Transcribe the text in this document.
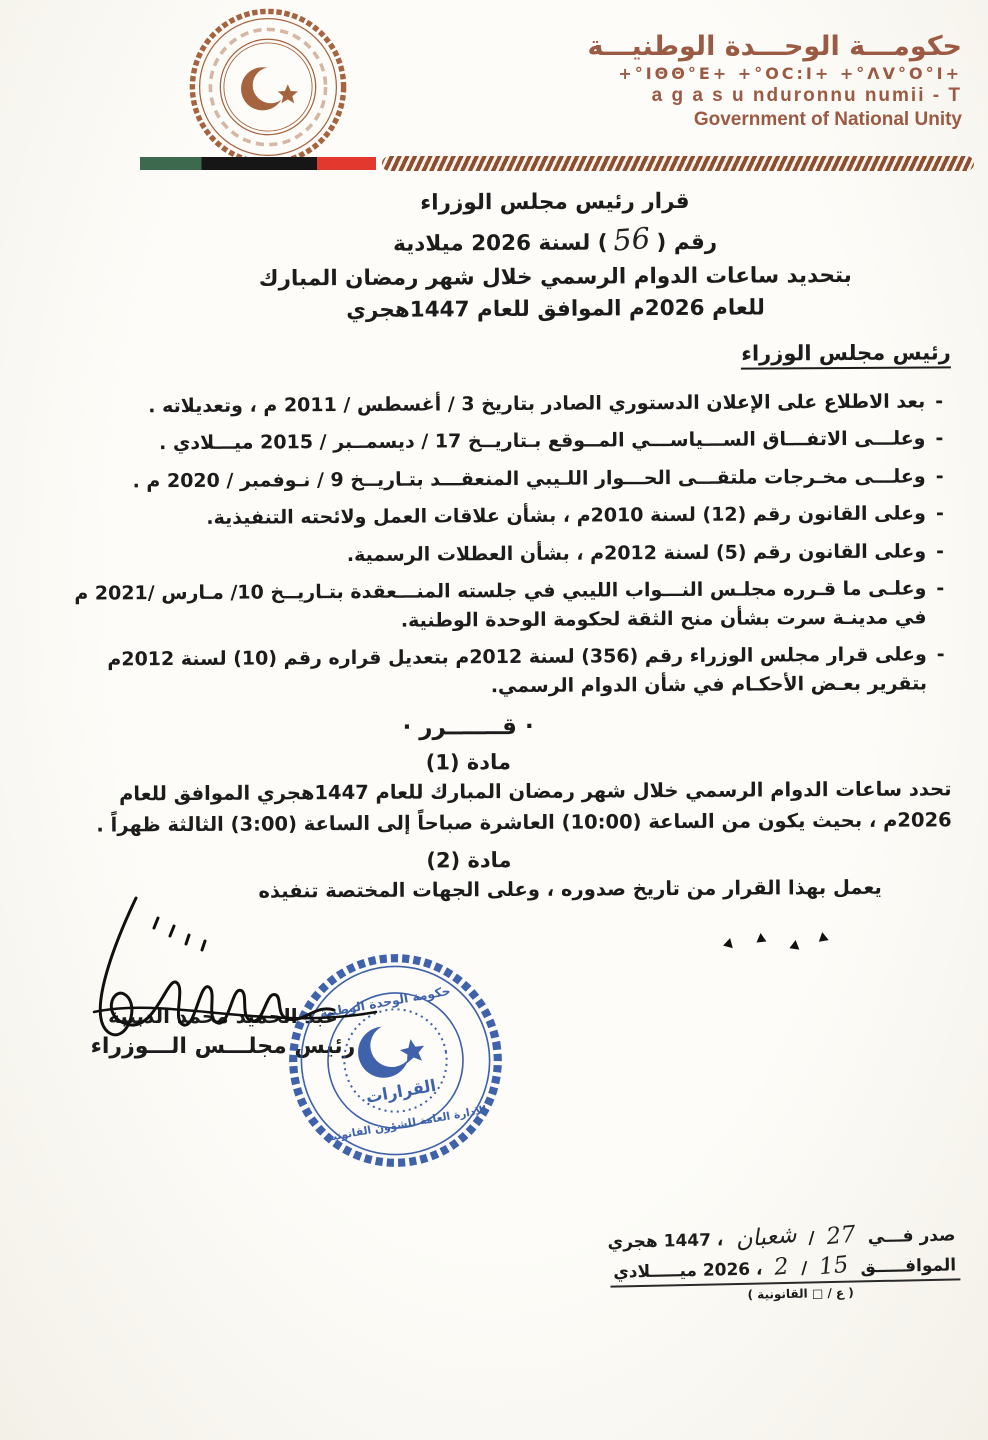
حكومـــة الوحـــدة الوطنيـــة
+°IΘΘ°Ε+ +°OC:I+ +°ΛV°O°I+
a g a s u nduronnu numii - T
Government of National Unity
قرار رئيس مجلس الوزراء
رقم (56) لسنة 2026 ميلادية
بتحديد ساعات الدوام الرسمي خلال شهر رمضان المبارك
للعام 2026م الموافق للعام 1447هجري
رئيس مجلس الوزراء
-
بعد الاطلاع على الإعلان الدستوري الصادر بتاريخ 3 / أغسطس / 2011 م ، وتعديلاته .
-
وعلـــى الاتفـــاق الســـياســـي المــوقع بـتاريــخ 17 / ديسمــبر / 2015 ميـــلادي .
-
وعلـــى مخـرجات ملتقـــى الحـــوار اللـيبي المنعقـــد بتـاريــخ 9 / نـوفمبر / 2020 م .
-
وعلى القانون رقم (12) لسنة 2010م ، بشأن علاقات العمل ولائحته التنفيذية.
-
وعلى القانون رقم (5) لسنة 2012م ، بشأن العطلات الرسمية.
-
وعلـى ما قـرره مجلـس النـــواب الليبي في جلسته المنـــعقدة بتـاريــخ 10/ مـارس /2021 م في مدينـة سرت بشأن منح الثقة لحكومة الوحدة الوطنية.
-
وعلى قرار مجلس الوزراء رقم (356) لسنة 2012م بتعديل قراره رقم (10) لسنة 2012م بتقرير بعـض الأحكـام في شأن الدوام الرسمي.
· قـــــــرر ·
مادة (1)
تحدد ساعات الدوام الرسمي خلال شهر رمضان المبارك للعام 1447هجري الموافق للعام 2026م ، بحيث يكون من الساعة (10:00) العاشرة صباحاً إلى الساعة (3:00) الثالثة ظهراً .
مادة (2)
يعمل بهذا القرار من تاريخ صدوره ، وعلى الجهات المختصة تنفيذه
عبد الحميد محمد الدبيبة
رئيس مجلـــس الـــوزراء
حكومة الوحدة الوطنية
الإدارة العامة للشؤون القانونية
القرارات
صدر فـــي
27
/
شعبان
، 1447 هجري
الموافـــــق
15
/
2
، 2026 ميـــــلادي
( ع / □ القانونية )
